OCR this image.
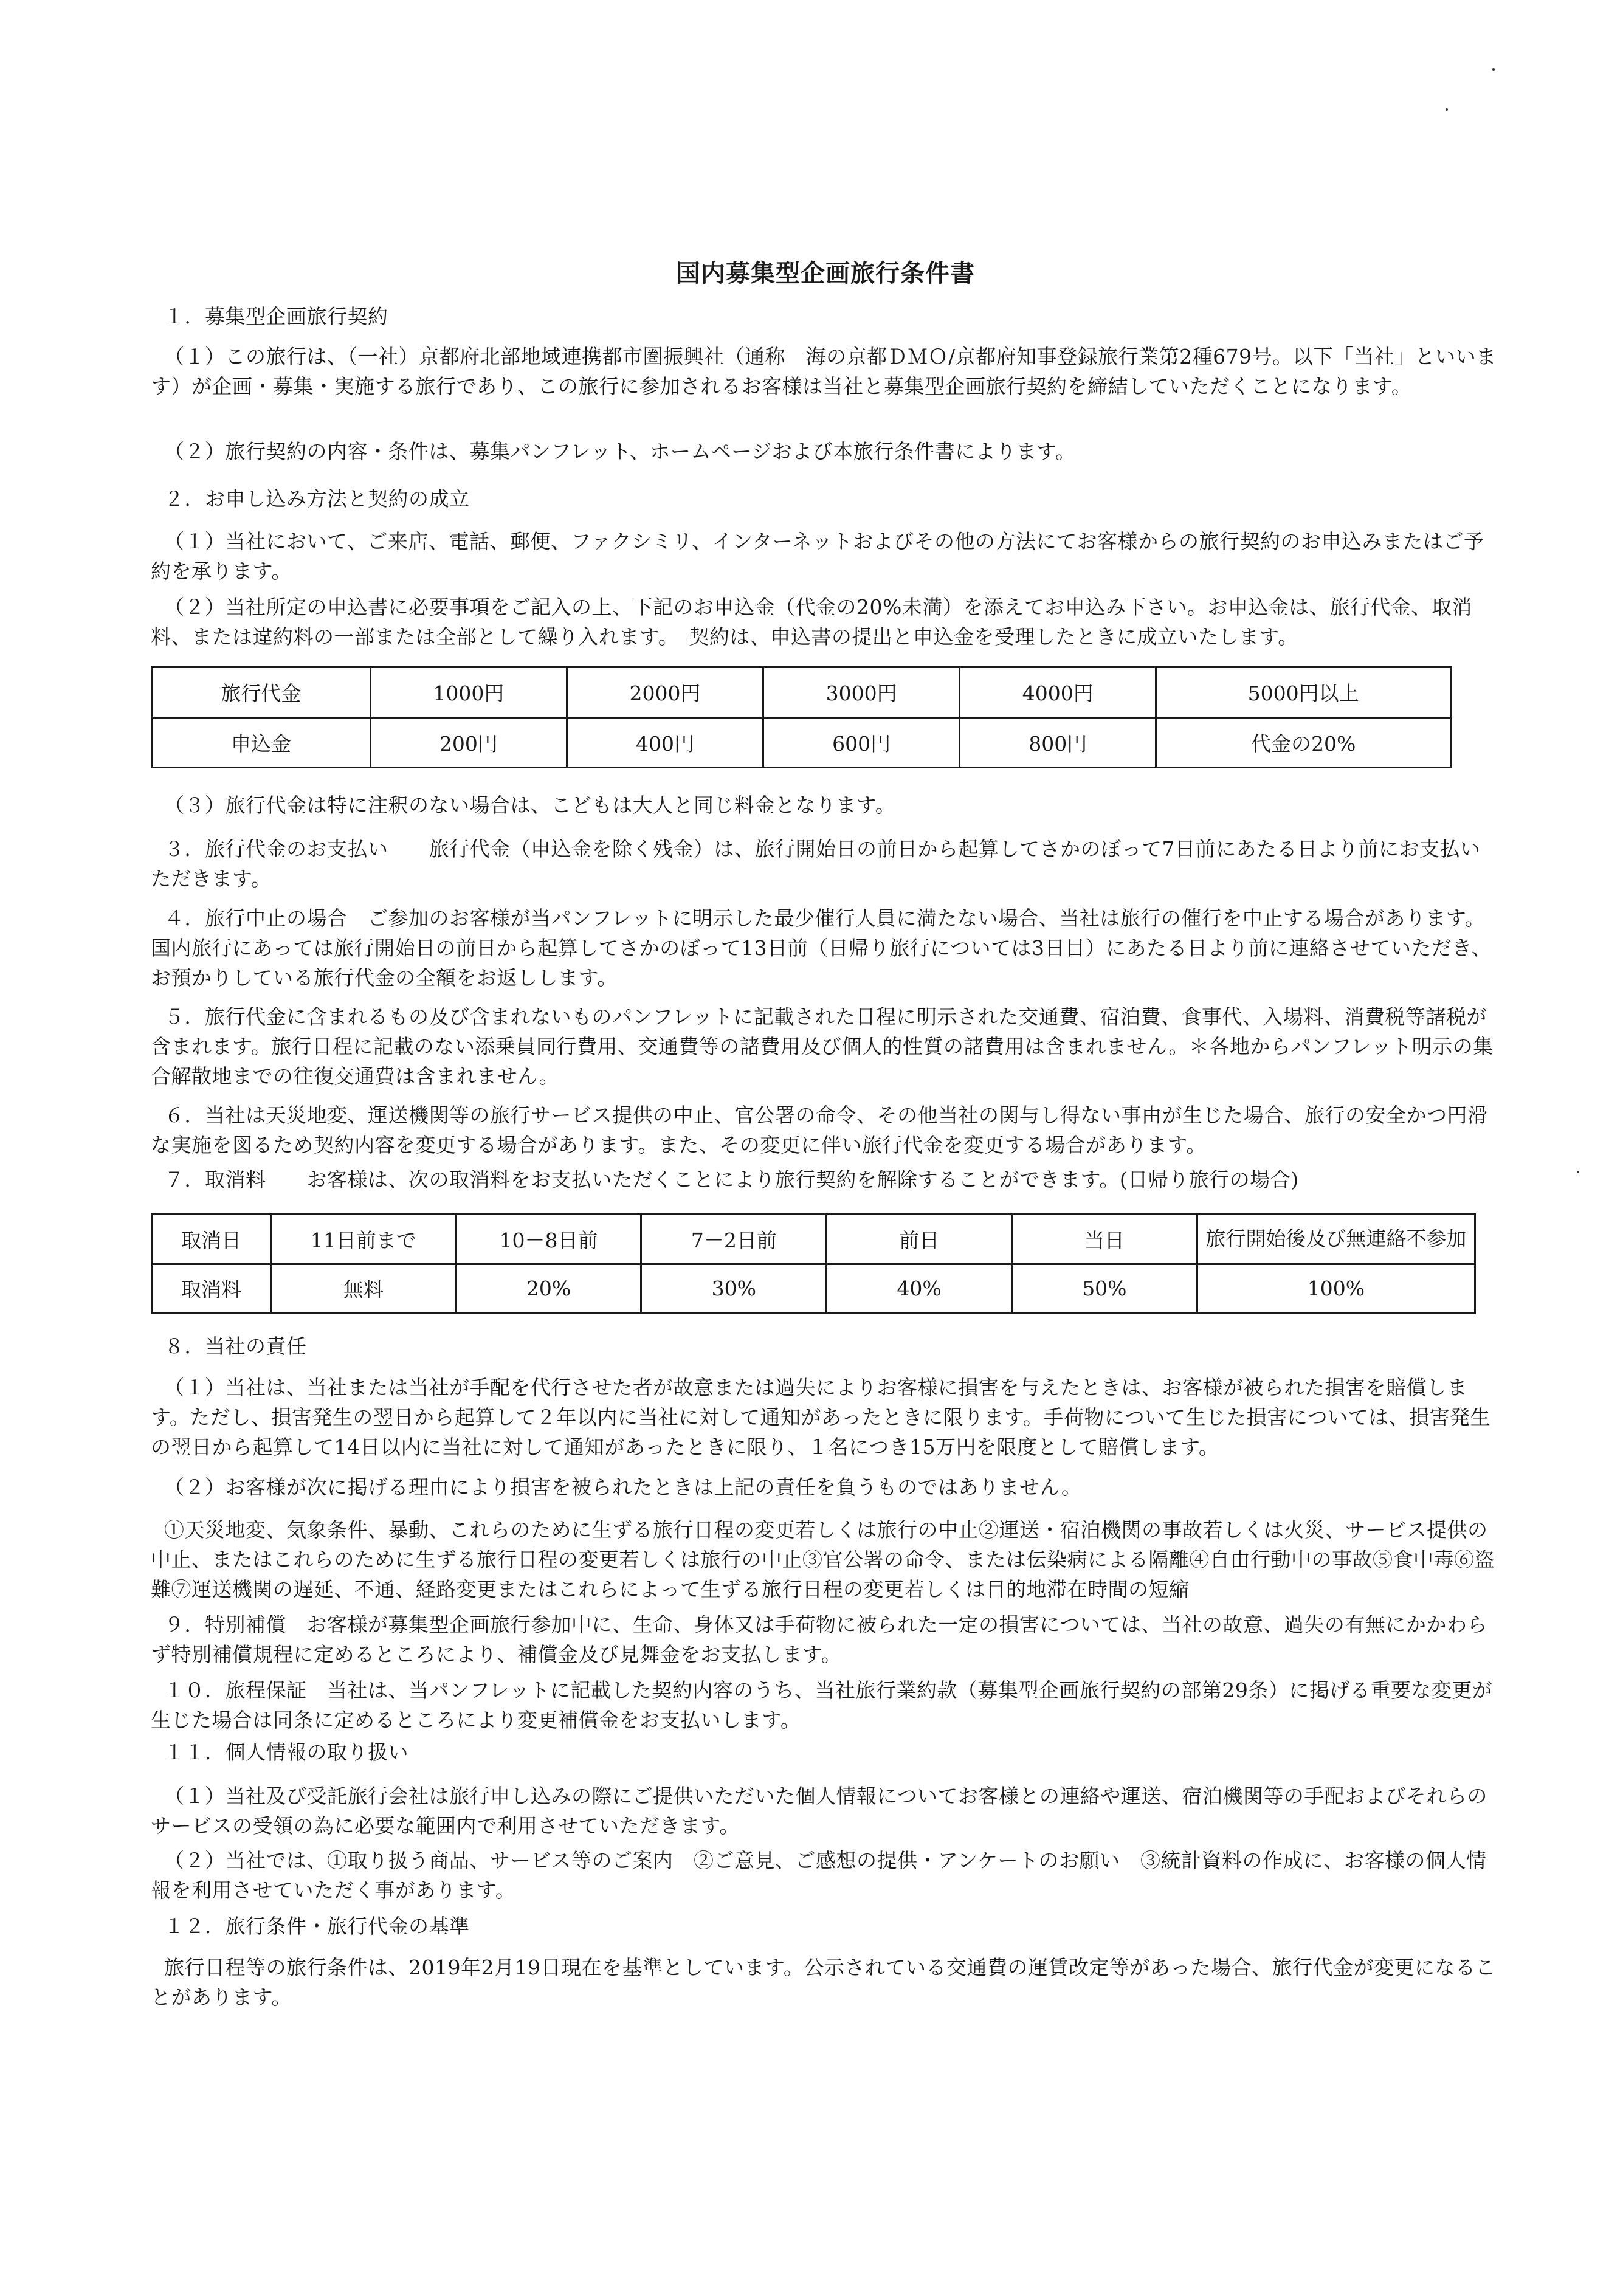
国内募集型企画旅行条件書
１．募集型企画旅行契約
（１）この旅行は、（一社）京都府北部地域連携都市圏振興社（通称　海の京都ＤＭＯ/京都府知事登録旅行業第2種679号。以下「当社」といいます）が企画・募集・実施する旅行であり、この旅行に参加されるお客様は当社と募集型企画旅行契約を締結していただくことになります。
（２）旅行契約の内容・条件は、募集パンフレット、ホームページおよび本旅行条件書によります。
２．お申し込み方法と契約の成立
（１）当社において、ご来店、電話、郵便、ファクシミリ、インターネットおよびその他の方法にてお客様からの旅行契約のお申込みまたはご予約を承ります。
（２）当社所定の申込書に必要事項をご記入の上、下記のお申込金（代金の20%未満）を添えてお申込み下さい。お申込金は、旅行代金、取消料、または違約料の一部または全部として繰り入れます。　契約は、申込書の提出と申込金を受理したときに成立いたします。
旅行代金	1000円	2000円	3000円	4000円	5000円以上
申込金	200円	400円	600円	800円	代金の20%
（３）旅行代金は特に注釈のない場合は、こどもは大人と同じ料金となります。
３．旅行代金のお支払い　　旅行代金（申込金を除く残金）は、旅行開始日の前日から起算してさかのぼって7日前にあたる日より前にお支払いただきます。
４．旅行中止の場合　ご参加のお客様が当パンフレットに明示した最少催行人員に満たない場合、当社は旅行の催行を中止する場合があります。国内旅行にあっては旅行開始日の前日から起算してさかのぼって13日前（日帰り旅行については3日目）にあたる日より前に連絡させていただき、お預かりしている旅行代金の全額をお返しします。
５．旅行代金に含まれるもの及び含まれないものパンフレットに記載された日程に明示された交通費、宿泊費、食事代、入場料、消費税等諸税が含まれます。旅行日程に記載のない添乗員同行費用、交通費等の諸費用及び個人的性質の諸費用は含まれません。＊各地からパンフレット明示の集合解散地までの往復交通費は含まれません。
６．当社は天災地変、運送機関等の旅行サービス提供の中止、官公署の命令、その他当社の関与し得ない事由が生じた場合、旅行の安全かつ円滑な実施を図るため契約内容を変更する場合があります。また、その変更に伴い旅行代金を変更する場合があります。
７．取消料　　お客様は、次の取消料をお支払いただくことにより旅行契約を解除することができます。(日帰り旅行の場合)
取消日	11日前まで	10－8日前	7－2日前	前日	当日	旅行開始後及び無連絡不参加
取消料	無料	20%	30%	40%	50%	100%
８．当社の責任
（１）当社は、当社または当社が手配を代行させた者が故意または過失によりお客様に損害を与えたときは、お客様が被られた損害を賠償します。ただし、損害発生の翌日から起算して２年以内に当社に対して通知があったときに限ります。手荷物について生じた損害については、損害発生の翌日から起算して14日以内に当社に対して通知があったときに限り、１名につき15万円を限度として賠償します。
（２）お客様が次に掲げる理由により損害を被られたときは上記の責任を負うものではありません。
①天災地変、気象条件、暴動、これらのために生ずる旅行日程の変更若しくは旅行の中止②運送・宿泊機関の事故若しくは火災、サービス提供の中止、またはこれらのために生ずる旅行日程の変更若しくは旅行の中止③官公署の命令、または伝染病による隔離④自由行動中の事故⑤食中毒⑥盗難⑦運送機関の遅延、不通、経路変更またはこれらによって生ずる旅行日程の変更若しくは目的地滞在時間の短縮
９．特別補償　お客様が募集型企画旅行参加中に、生命、身体又は手荷物に被られた一定の損害については、当社の故意、過失の有無にかかわらず特別補償規程に定めるところにより、補償金及び見舞金をお支払します。
１０．旅程保証　当社は、当パンフレットに記載した契約内容のうち、当社旅行業約款（募集型企画旅行契約の部第29条）に掲げる重要な変更が生じた場合は同条に定めるところにより変更補償金をお支払いします。
１１．個人情報の取り扱い
（１）当社及び受託旅行会社は旅行申し込みの際にご提供いただいた個人情報についてお客様との連絡や運送、宿泊機関等の手配およびそれらのサービスの受領の為に必要な範囲内で利用させていただきます。
（２）当社では、①取り扱う商品、サービス等のご案内　②ご意見、ご感想の提供・アンケートのお願い　③統計資料の作成に、お客様の個人情報を利用させていただく事があります。
１２．旅行条件・旅行代金の基準
旅行日程等の旅行条件は、2019年2月19日現在を基準としています。公示されている交通費の運賃改定等があった場合、旅行代金が変更になることがあります。
